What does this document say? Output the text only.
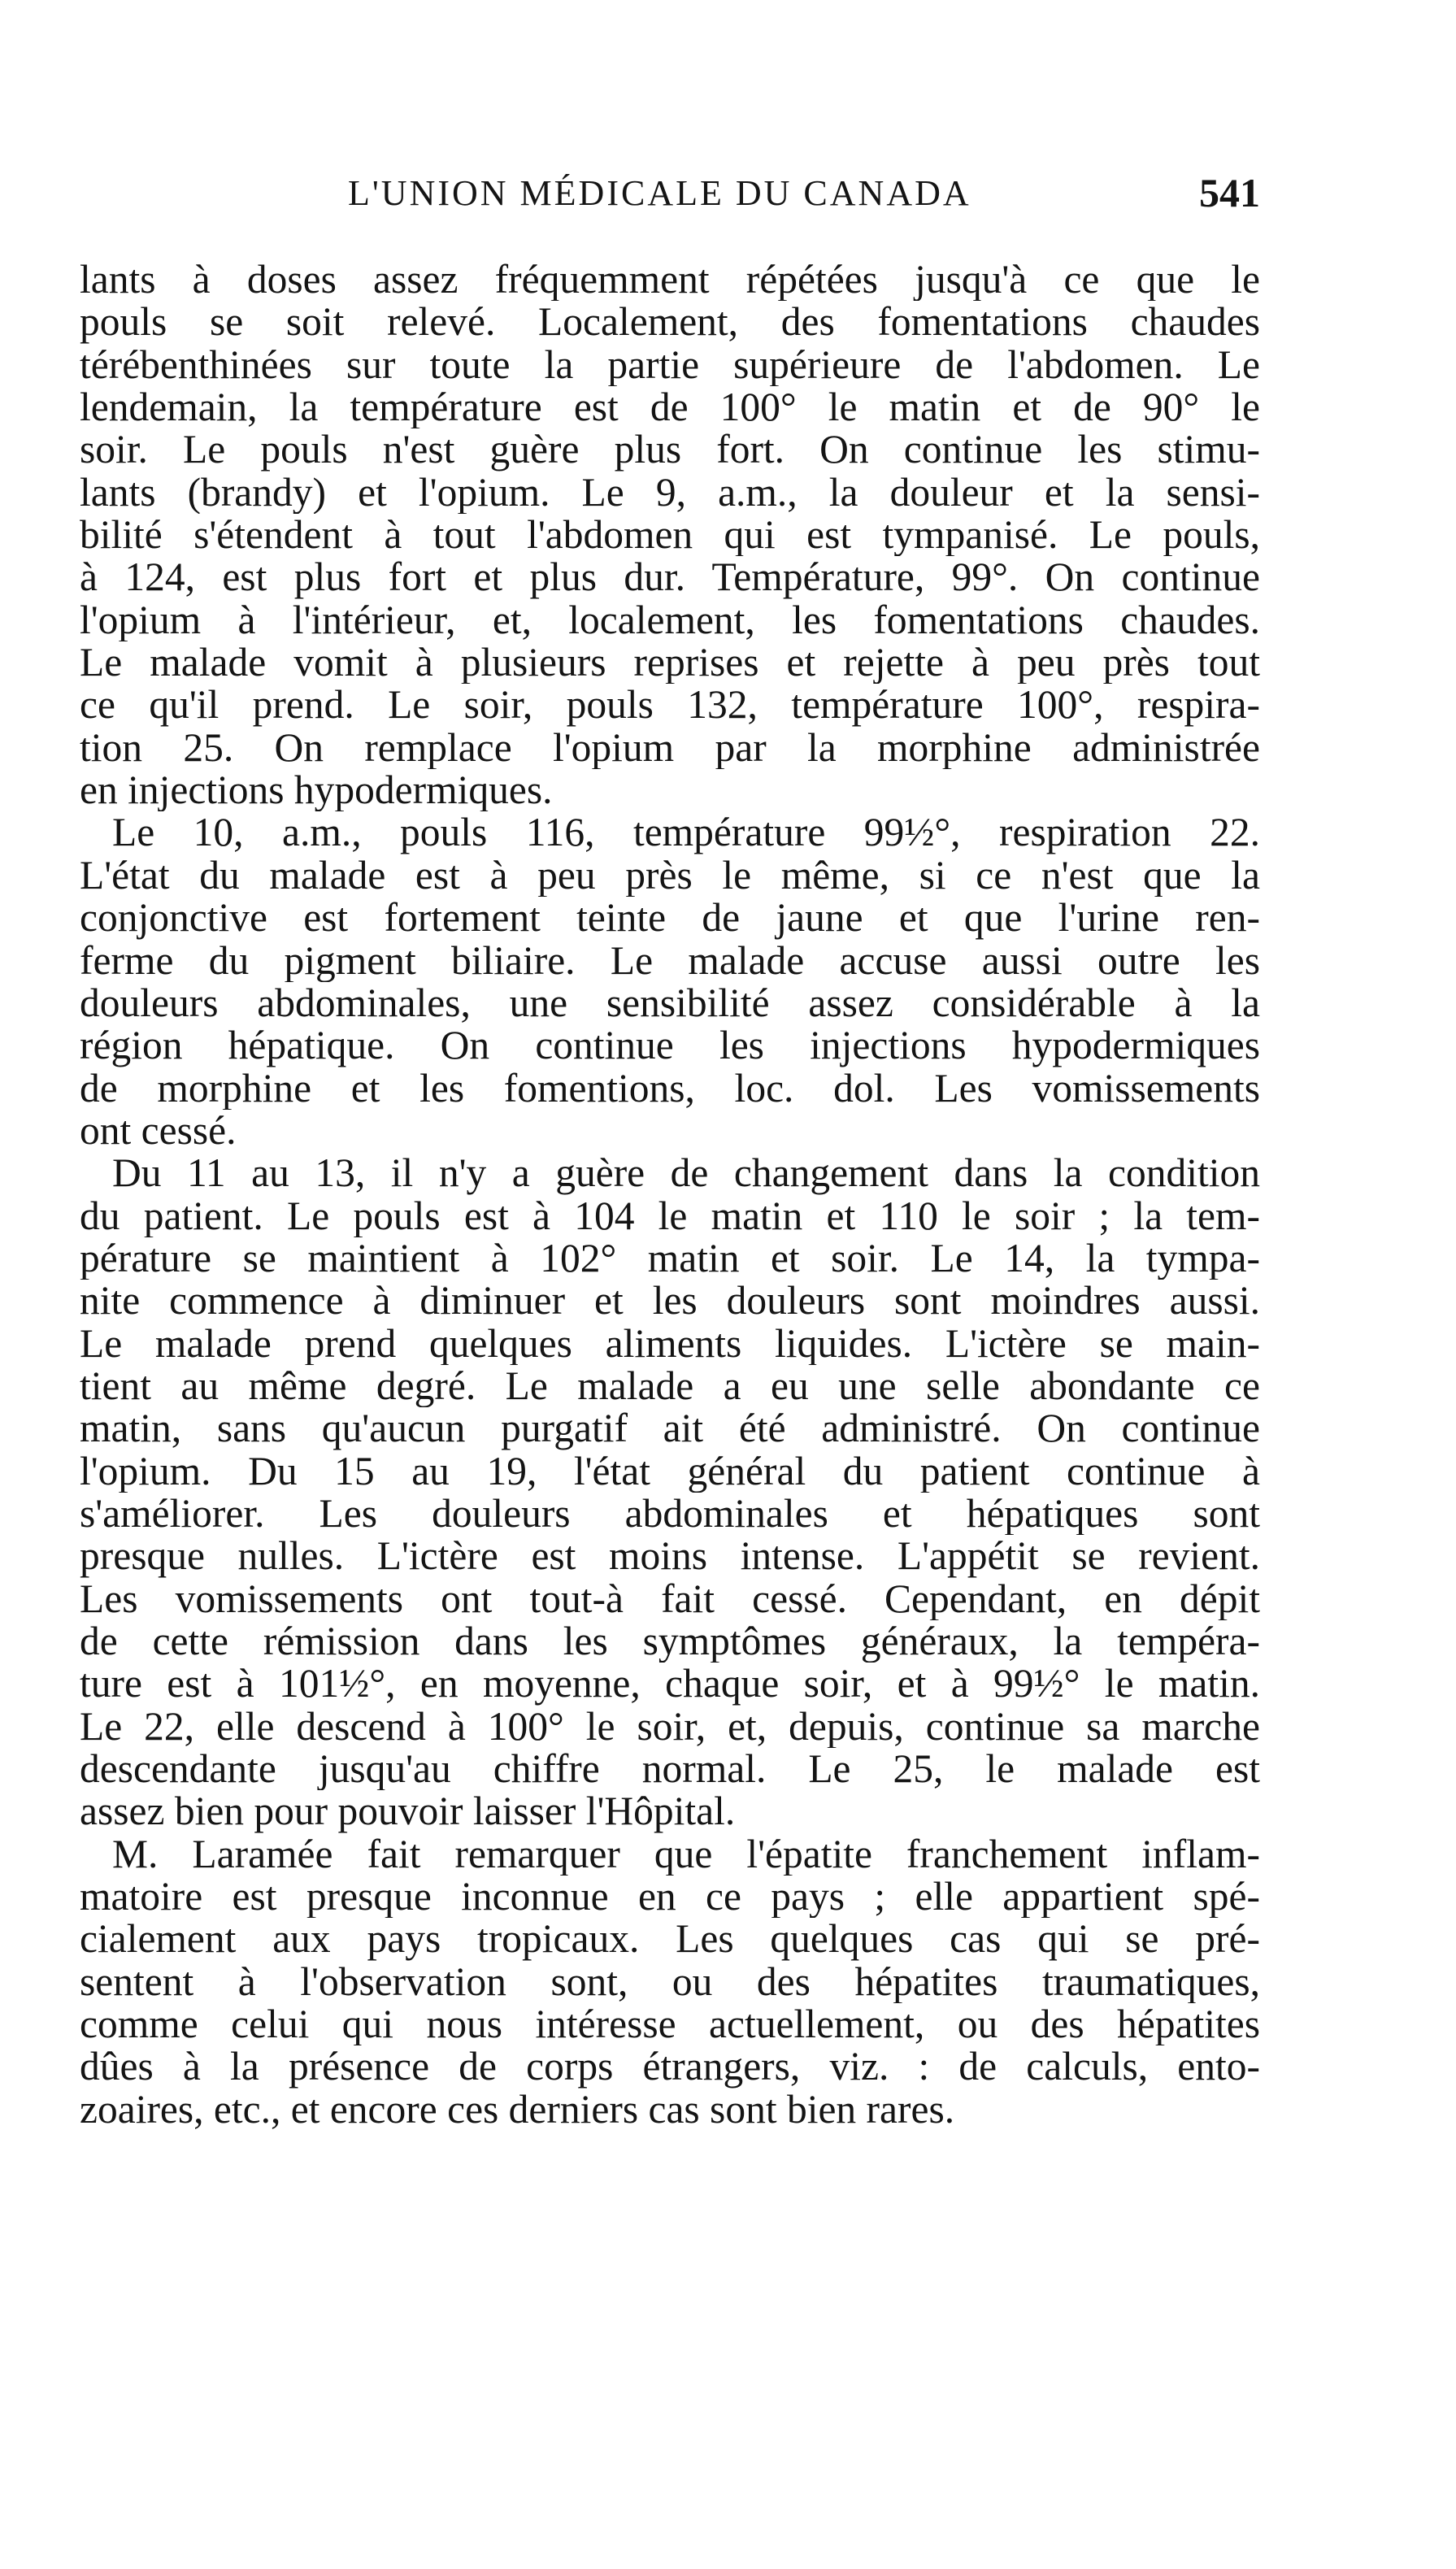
L'UNION MÉDICALE DU CANADA	541
lants à doses assez fréquemment répétées jusqu'à ce que le
pouls se soit relevé. Localement, des fomentations chaudes
térébenthinées sur toute la partie supérieure de l'abdomen. Le
lendemain, la température est de 100° le matin et de 90° le
soir. Le pouls n'est guère plus fort. On continue les stimu-
lants (brandy) et l'opium. Le 9, a.m., la douleur et la sensi-
bilité s'étendent à tout l'abdomen qui est tympanisé. Le pouls,
à 124, est plus fort et plus dur. Température, 99°. On continue
l'opium à l'intérieur, et, localement, les fomentations chaudes.
Le malade vomit à plusieurs reprises et rejette à peu près tout
ce qu'il prend. Le soir, pouls 132, température 100°, respira-
tion 25. On remplace l'opium par la morphine administrée
en injections hypodermiques.
Le 10, a.m., pouls 116, température 99½°, respiration 22.
L'état du malade est à peu près le même, si ce n'est que la
conjonctive est fortement teinte de jaune et que l'urine ren-
ferme du pigment biliaire. Le malade accuse aussi outre les
douleurs abdominales, une sensibilité assez considérable à la
région hépatique. On continue les injections hypodermiques
de morphine et les fomentions, loc. dol. Les vomissements
ont cessé.
Du 11 au 13, il n'y a guère de changement dans la condition
du patient. Le pouls est à 104 le matin et 110 le soir ; la tem-
pérature se maintient à 102° matin et soir. Le 14, la tympa-
nite commence à diminuer et les douleurs sont moindres aussi.
Le malade prend quelques aliments liquides. L'ictère se main-
tient au même degré. Le malade a eu une selle abondante ce
matin, sans qu'aucun purgatif ait été administré. On continue
l'opium. Du 15 au 19, l'état général du patient continue à
s'améliorer. Les douleurs abdominales et hépatiques sont
presque nulles. L'ictère est moins intense. L'appétit se revient.
Les vomissements ont tout-à fait cessé. Cependant, en dépit
de cette rémission dans les symptômes généraux, la tempéra-
ture est à 101½°, en moyenne, chaque soir, et à 99½° le matin.
Le 22, elle descend à 100° le soir, et, depuis, continue sa marche
descendante jusqu'au chiffre normal. Le 25, le malade est
assez bien pour pouvoir laisser l'Hôpital.
M. Laramée fait remarquer que l'épatite franchement inflam-
matoire est presque inconnue en ce pays ; elle appartient spé-
cialement aux pays tropicaux. Les quelques cas qui se pré-
sentent à l'observation sont, ou des hépatites traumatiques,
comme celui qui nous intéresse actuellement, ou des hépatites
dûes à la présence de corps étrangers, viz. : de calculs, ento-
zoaires, etc., et encore ces derniers cas sont bien rares.
